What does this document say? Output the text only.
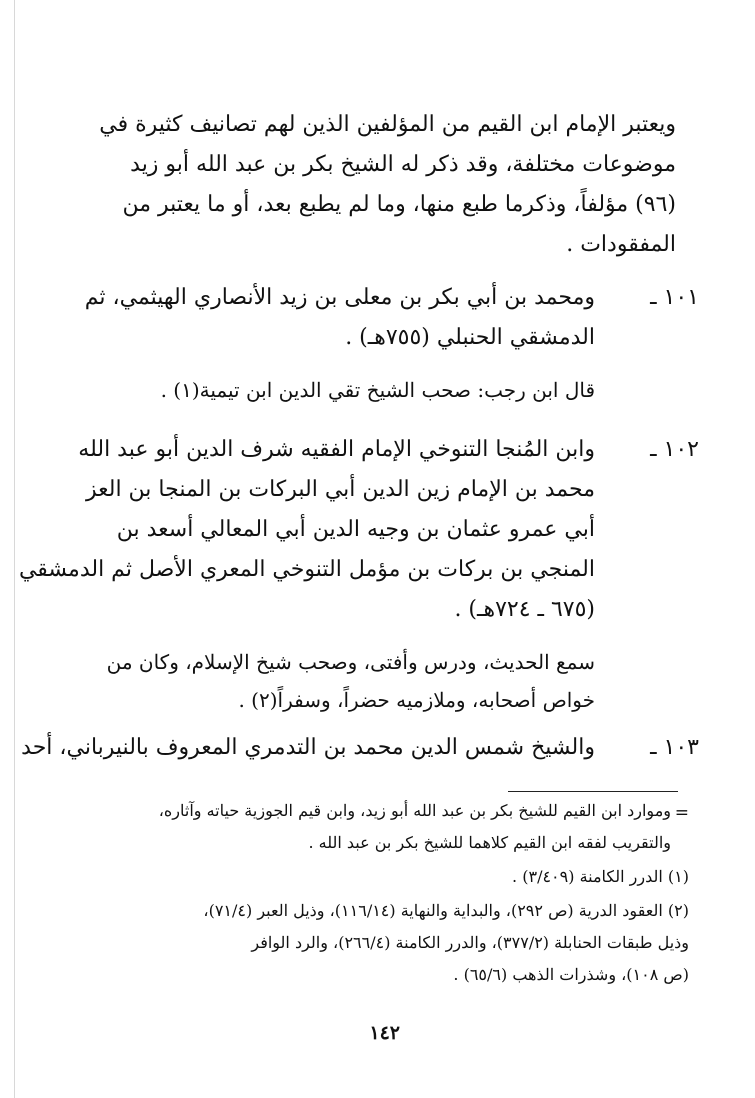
ويعتبر الإمام ابن القيم من المؤلفين الذين لهم تصانيف كثيرة في
موضوعات مختلفة، وقد ذكر له الشيخ بكر بن عبد الله أبو زيد
(٩٦) مؤلفاً، وذكرما طبع منها، وما لم يطبع بعد، أو ما يعتبر من
المفقودات .
١٠١ ـ
ومحمد بن أبي بكر بن معلى بن زيد الأنصاري الهيثمي، ثم
الدمشقي الحنبلي (٧٥٥هـ) .
قال ابن رجب: صحب الشيخ تقي الدين ابن تيمية(١) .
١٠٢ ـ
وابن المُنجا التنوخي الإمام الفقيه شرف الدين أبو عبد الله
محمد بن الإمام زين الدين أبي البركات بن المنجا بن العز
أبي عمرو عثمان بن وجيه الدين أبي المعالي أسعد بن
المنجي بن بركات بن مؤمل التنوخي المعري الأصل ثم الدمشقي
(٦٧٥ ـ ٧٢٤هـ) .
سمع الحديث، ودرس وأفتى، وصحب شيخ الإسلام، وكان من
خواص أصحابه، وملازميه حضراً، وسفراً(٢) .
١٠٣ ـ
والشيخ شمس الدين محمد بن التدمري المعروف بالنيرباني، أحد
=
وموارد ابن القيم للشيخ بكر بن عبد الله أبو زيد، وابن قيم الجوزية حياته وآثاره،
والتقريب لفقه ابن القيم كلاهما للشيخ بكر بن عبد الله .
(١) الدرر الكامنة (٣/٤٠٩) .
(٢) العقود الدرية (ص ٢٩٢)، والبداية والنهاية (١١٦/١٤)، وذيل العبر (٧١/٤)،
وذيل طبقات الحنابلة (٣٧٧/٢)، والدرر الكامنة (٢٦٦/٤)، والرد الوافر
(ص ١٠٨)، وشذرات الذهب (٦٥/٦) .
١٤٢
